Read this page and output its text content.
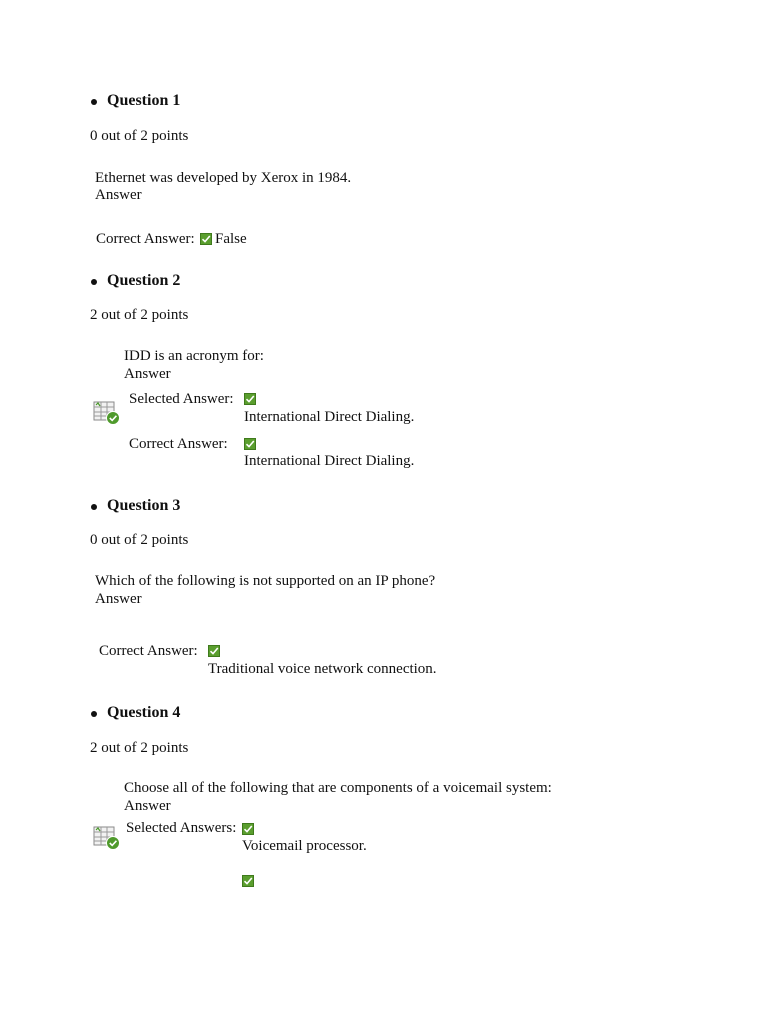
Question 1
0 out of 2 points
Ethernet was developed by Xerox in 1984.
Answer
Correct Answer: False
Question 2
2 out of 2 points
IDD is an acronym for:
Answer
Selected Answer:
International Direct Dialing.
Correct Answer:
International Direct Dialing.
Question 3
0 out of 2 points
Which of the following is not supported on an IP phone?
Answer
Correct Answer:
Traditional voice network connection.
Question 4
2 out of 2 points
Choose all of the following that are components of a voicemail system:
Answer
Selected Answers:
Voicemail processor.
